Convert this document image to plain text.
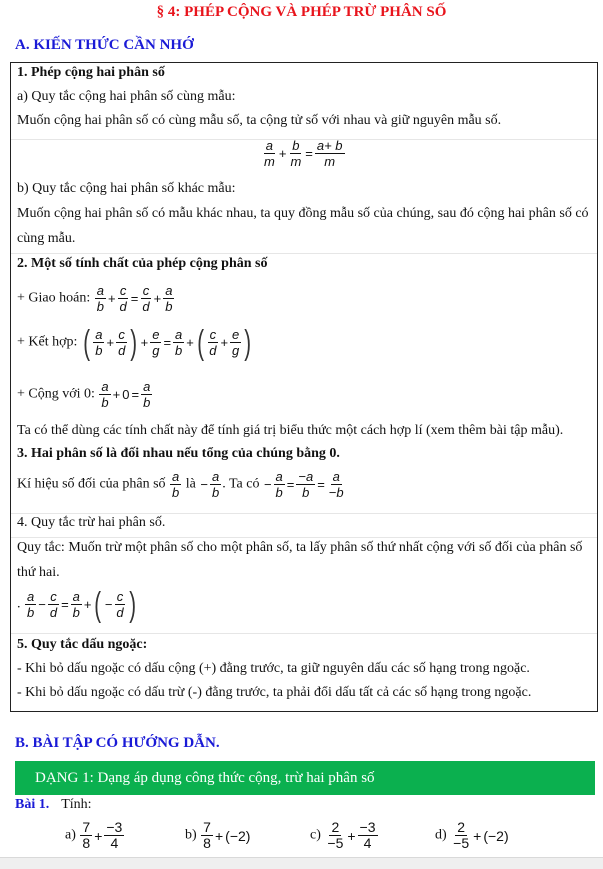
§ 4: PHÉP CỘNG VÀ PHÉP TRỪ PHÂN SỐ
A. KIẾN THỨC CẦN NHỚ
1. Phép cộng hai phân số
a) Quy tắc cộng hai phân số cùng mẫu:
Muốn cộng hai phân số có cùng mẫu số, ta cộng tử số với nhau và giữ nguyên mẫu số.
$\frac{a}{m} + \frac{b}{m} = \frac{a+ b}{m}$
b) Quy tắc cộng hai phân số khác mẫu:
Muốn cộng hai phân số có mẫu khác nhau, ta quy đồng mẫu số của chúng, sau đó cộng hai phân số có
cùng mẫu.
2. Một số tính chất của phép cộng phân số
+ Giao hoán: $\frac{a}{b} + \frac{c}{d} = \frac{c}{d} + \frac{a}{b}$
+ Kết hợp: ( $\frac{a}{b} + \frac{c}{d}$ ) + $\frac{e}{g} = \frac{a}{b}$ +( $\frac{c}{d} + \frac{e}{g}$ )
+ Cộng với 0: $\frac{a}{b} + 0 = \frac{a}{b}$
Ta có thể dùng các tính chất này để tính giá trị biểu thức một cách hợp lí (xem thêm bài tập mẫu).
3. Hai phân số là đối nhau nếu tổng của chúng bằng 0.
Kí hiệu số đối của phân số $\frac{a}{b}$ là − $\frac{a}{b}$ . Ta có − $\frac{a}{b} = \frac{-a}{b} = \frac{a}{-b}$
4. Quy tắc trừ hai phân số.
Quy tắc: Muốn trừ một phân số cho một phân số, ta lấy phân số thứ nhất cộng với số đối của phân số
thứ hai.
. $\frac{a}{b} - \frac{c}{d} = \frac{a}{b}$ +( − $\frac{c}{d}$ )
5. Quy tắc dấu ngoặc:
- Khi bỏ dấu ngoặc có dấu cộng (+) đằng trước, ta giữ nguyên dấu các số hạng trong ngoặc.
- Khi bỏ dấu ngoặc có dấu trừ (-) đằng trước, ta phải đổi dấu tất cả các số hạng trong ngoặc.
B. BÀI TẬP CÓ HƯỚNG DẪN.
DẠNG 1: Dạng áp dụng công thức cộng, trừ hai phân số
Bài 1. Tính:
$a) \frac{7}{8} + \frac{-3}{4}$	$b) \frac{7}{8} + (-2)$	$c) \frac{2}{-5} + \frac{-3}{4}$	$d) \frac{2}{-5} + (-2)$
